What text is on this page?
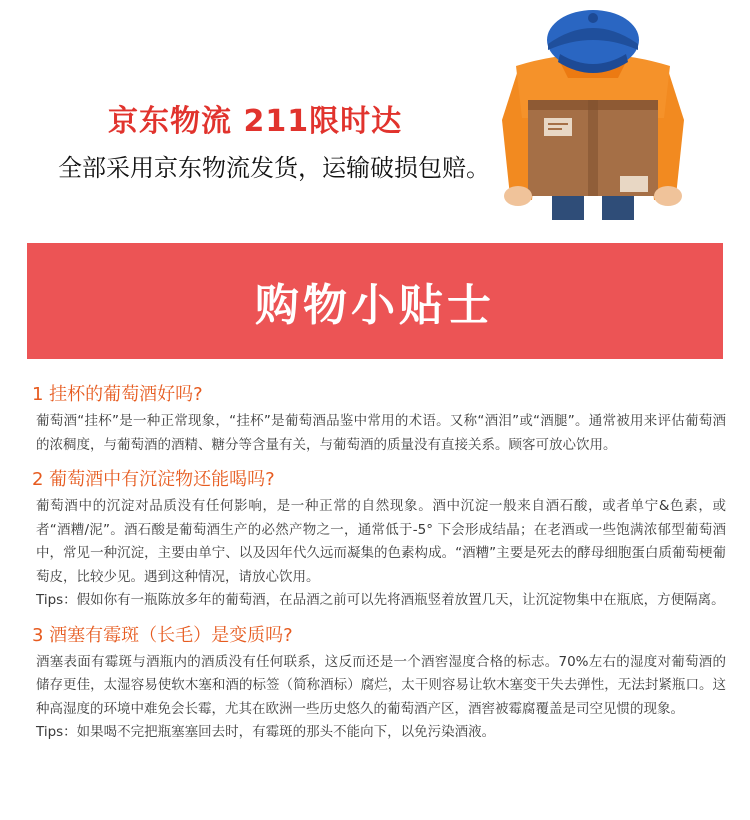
京东物流 211限时达
全部采用京东物流发货，运输破损包赔。
购物小贴士
1 挂杯的葡萄酒好吗?
葡萄酒“挂杯”是一种正常现象，“挂杯”是葡萄酒品鉴中常用的术语。又称“酒泪”或“酒腿”。通常被用来评估葡萄酒的浓稠度，与葡萄酒的酒精、糖分等含量有关，与葡萄酒的质量没有直接关系。顾客可放心饮用。
2 葡萄酒中有沉淀物还能喝吗?
葡萄酒中的沉淀对品质没有任何影响，是一种正常的自然现象。酒中沉淀一般来自酒石酸，或者单宁&色素，或者“酒糟/泥”。酒石酸是葡萄酒生产的必然产物之一，通常低于-5° 下会形成结晶；在老酒或一些饱满浓郁型葡萄酒中，常见一种沉淀，主要由单宁、以及因年代久远而凝集的色素构成。“酒糟”主要是死去的酵母细胞蛋白质葡萄梗葡萄皮，比较少见。遇到这种情况，请放心饮用。
Tips：假如你有一瓶陈放多年的葡萄酒，在品酒之前可以先将酒瓶竖着放置几天，让沉淀物集中在瓶底，方便隔离。
3 酒塞有霉斑（长毛）是变质吗?
酒塞表面有霉斑与酒瓶内的酒质没有任何联系，这反而还是一个酒窖湿度合格的标志。70%左右的湿度对葡萄酒的储存更佳，太湿容易使软木塞和酒的标签（简称酒标）腐烂，太干则容易让软木塞变干失去弹性，无法封紧瓶口。这种高湿度的环境中难免会长霉，尤其在欧洲一些历史悠久的葡萄酒产区，酒窖被霉腐覆盖是司空见惯的现象。
Tips：如果喝不完把瓶塞塞回去时，有霉斑的那头不能向下，以免污染酒液。
